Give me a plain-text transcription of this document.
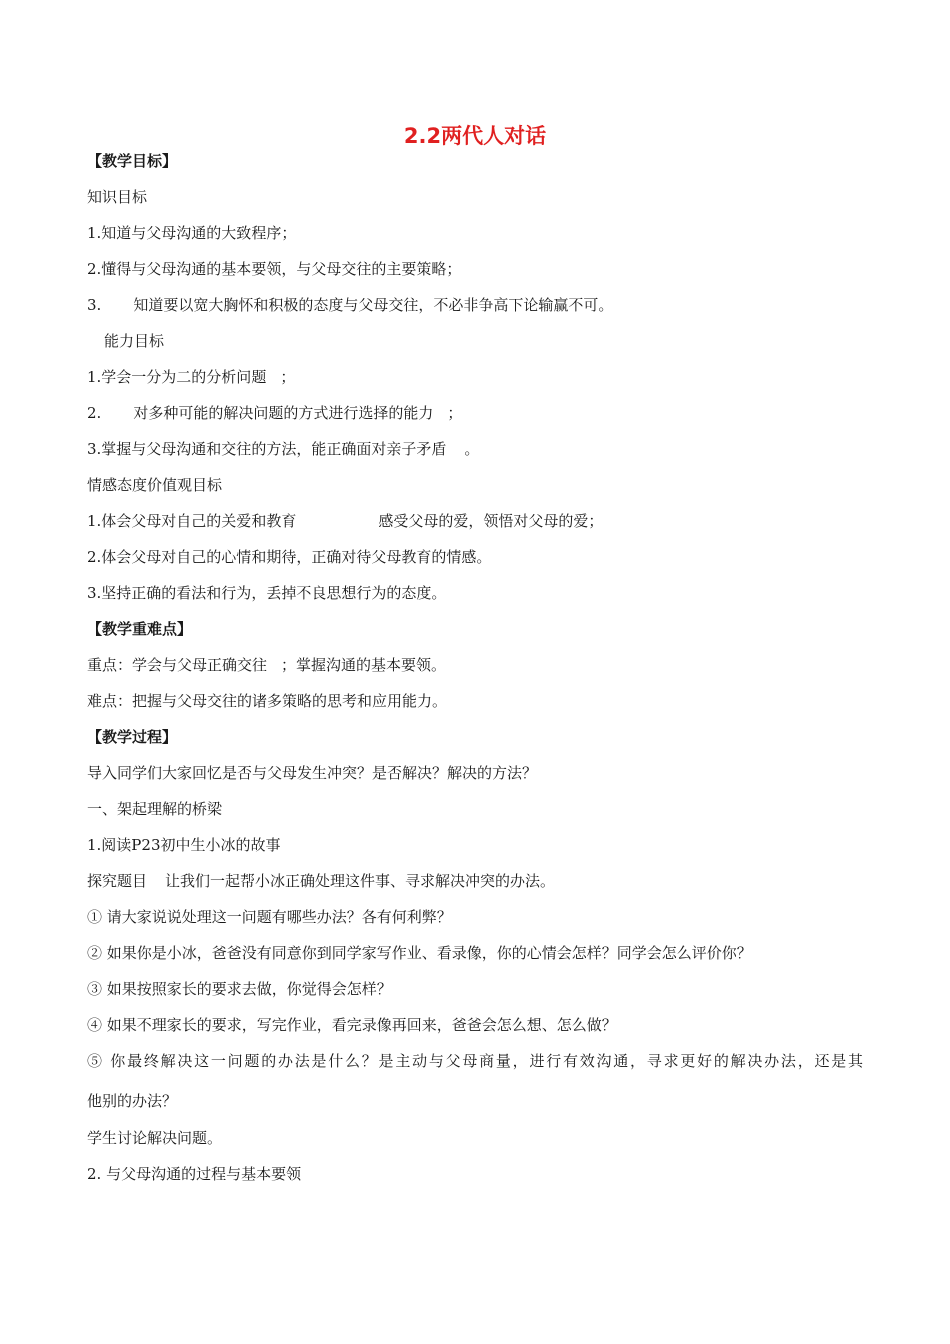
2.2两代人对话
【教学目标】
知识目标
1.知道与父母沟通的大致程序；
2.懂得与父母沟通的基本要领，与父母交往的主要策略；
3. 知道要以宽大胸怀和积极的态度与父母交往，不必非争高下论输赢不可。
能力目标
1.学会一分为二的分析问题 ；
2. 对多种可能的解决问题的方式进行选择的能力 ；
3.掌握与父母沟通和交往的方法，能正确面对亲子矛盾 。
情感态度价值观目标
1.体会父母对自己的关爱和教育	感受父母的爱，领悟对父母的爱；
2.体会父母对自己的心情和期待，正确对待父母教育的情感。
3.坚持正确的看法和行为，丢掉不良思想行为的态度。
【教学重难点】
重点：学会与父母正确交往 ；掌握沟通的基本要领。
难点：把握与父母交往的诸多策略的思考和应用能力。
【教学过程】
导入同学们大家回忆是否与父母发生冲突？是否解决？解决的方法？
一、架起理解的桥梁
1.阅读P23初中生小冰的故事
探究题目 让我们一起帮小冰正确处理这件事、寻求解决冲突的办法。
① 请大家说说处理这一问题有哪些办法？各有何利弊？
② 如果你是小冰，爸爸没有同意你到同学家写作业、看录像，你的心情会怎样？同学会怎么评价你？
③ 如果按照家长的要求去做，你觉得会怎样？
④ 如果不理家长的要求，写完作业，看完录像再回来，爸爸会怎么想、怎么做？
⑤ 你最终解决这一问题的办法是什么？是主动与父母商量，进行有效沟通，寻求更好的解决办法，还是其
他别的办法？
学生讨论解决问题。
2. 与父母沟通的过程与基本要领
